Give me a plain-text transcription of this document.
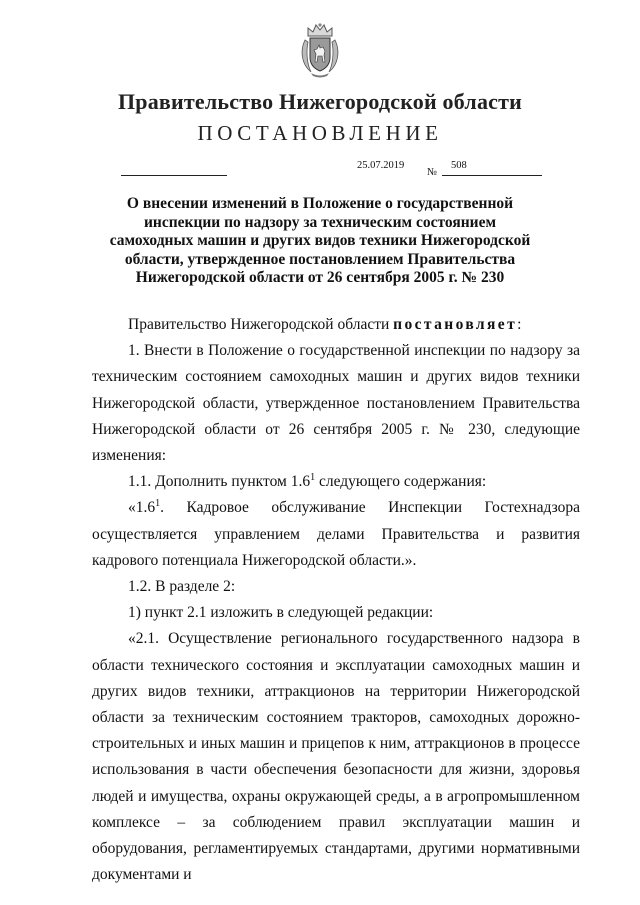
Правительство Нижегородской области
ПОСТАНОВЛЕНИЕ
25.07.2019
№
508
О внесении изменений в Положение о государственной
инспекции по надзору за техническим состоянием
самоходных машин и других видов техники Нижегородской
области, утвержденное постановлением Правительства
Нижегородской области от 26 сентября 2005 г. № 230

Правительство Нижегородской области постановляет:

1. Внести в Положение о государственной инспекции по надзору за техническим состоянием самоходных машин и других видов техники Нижегородской области, утвержденное постановлением Правительства Нижегородской области от 26 сентября 2005 г. № 230, следующие изменения:

1.1. Дополнить пунктом $1.6^1$ следующего содержания:

«$1.6^1$. Кадровое обслуживание Инспекции Гостехнадзора осуществляется управлением делами Правительства и развития кадрового потенциала Нижегородской области.».

1.2. В разделе 2:

1) пункт 2.1 изложить в следующей редакции:

«2.1. Осуществление регионального государственного надзора в области технического состояния и эксплуатации самоходных машин и других видов техники, аттракционов на территории Нижегородской области за техническим состоянием тракторов, самоходных дорожно-строительных и иных машин и прицепов к ним, аттракционов в процессе использования в части обеспечения безопасности для жизни, здоровья людей и имущества, охраны окружающей среды, а в агропромышленном комплексе – за соблюдением правил эксплуатации машин и оборудования, регламентируемых стандартами, другими нормативными документами и
